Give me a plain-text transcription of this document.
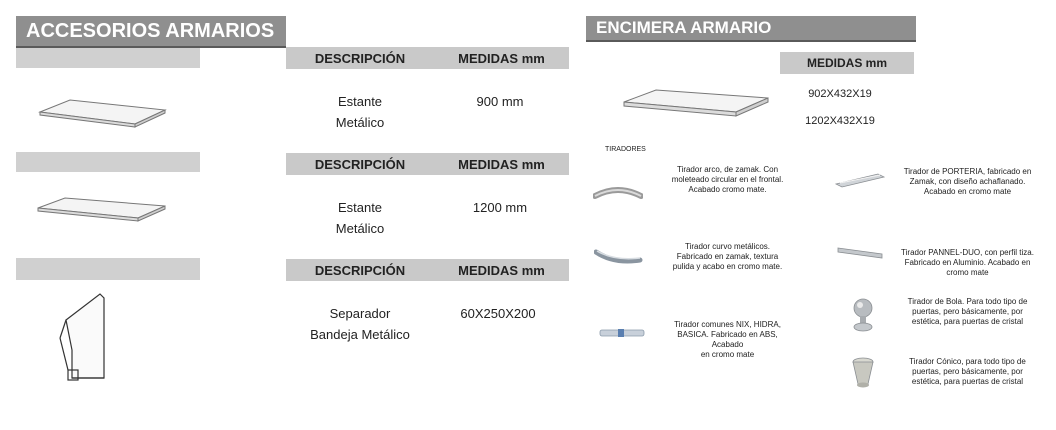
ACCESORIOS ARMARIOS
DESCRIPCIÓN	MEDIDAS mm
Estante
Metálico
900 mm
DESCRIPCIÓN	MEDIDAS mm
Estante
Metálico
1200 mm
DESCRIPCIÓN	MEDIDAS mm
Separador
Bandeja Metálico
60X250X200
ENCIMERA ARMARIO
MEDIDAS mm
902X432X19
1202X432X19
TIRADORES
Tirador arco, de zamak. Con
moleteado circular en el frontal.
Acabado cromo mate.
Tirador curvo metálicos.
Fabricado en zamak, textura
pulida y acabo en cromo mate.
Tirador comunes NIX, HIDRA,
BASICA. Fabricado en ABS, Acabado
en cromo mate
Tirador de PORTERIA, fabricado en
Zamak, con diseño achaflanado.
Acabado en cromo mate
Tirador PANNEL-DUO, con perfil tiza.
Fabricado en Aluminio. Acabado en
cromo mate
Tirador de Bola. Para todo tipo de
puertas, pero básicamente, por
estética, para puertas de cristal
Tirador Cónico, para todo tipo de
puertas, pero básicamente, por
estética, para puertas de cristal
